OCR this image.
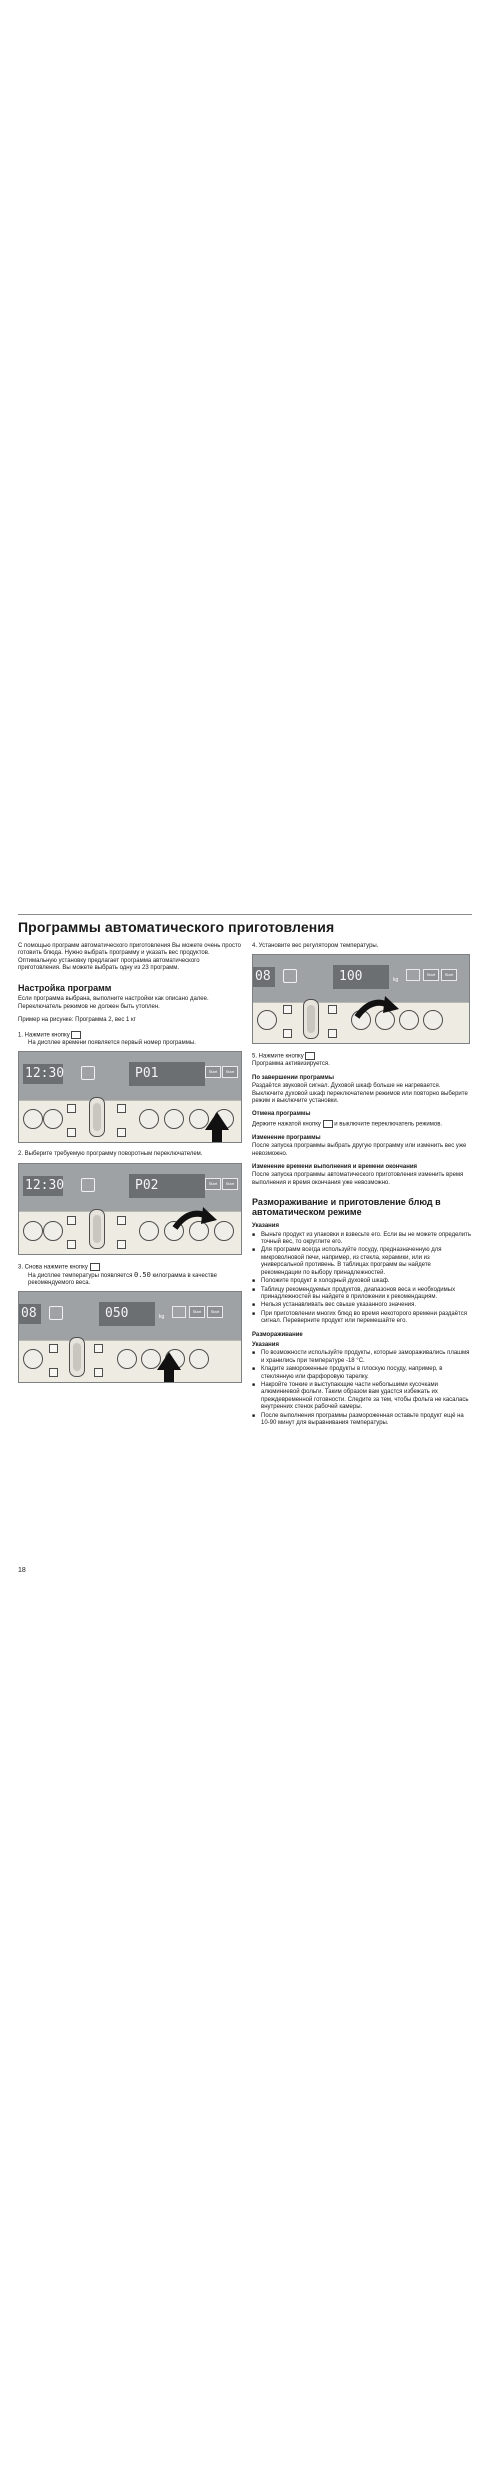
Программы автоматического приготовления

С помощью программ автоматического приготовления Вы можете очень просто готовить блюда. Нужно выбрать программу и указать вес продуктов. Оптимальную установку предлагает программа автоматического приготовления. Вы можете выбрать одну из 23 программ.

Настройка программ

Если программа выбрана, выполните настройки как описано далее.

Переключатель режимов не должен быть утоплен.

Пример на рисунке: Программа 2, вес 1 кг

1. Нажмите кнопку
На дисплее времени появляется первый номер программы.
12:30	P01	Start	Start
2. Выберите требуемую программу поворотным переключателем.
12:30	P02	Start	Start
3. Снова нажмите кнопку
На дисплее температуры появляется 0.50 килограмма в качестве рекомендуемого веса.
08	050	kg
Start	Start
4. Установите вес регулятором температуры.
08	100	kg
Start	Start
5. Нажмите кнопку
Программа активизируется.
По завершении программы

Раздаётся звуковой сигнал. Духовой шкаф больше не нагревается. Выключите духовой шкаф переключателем режимов или повторно выберите режим и выключите установки.

Отмена программы

Держите нажатой кнопку и выключите переключатель режимов.

Изменение программы

После запуска программы выбрать другую программу или изменить вес уже невозможно.

Изменение времени выполнения и времени окончания

После запуска программы автоматического приготовления изменить время выполнения и время окончания уже невозможно.

Размораживание и приготовление блюд в автоматическом режиме
Указания
■ Выньте продукт из упаковки и взвесьте его. Если вы не можете определить точный вес, то округлите его.
■ Для программ всегда используйте посуду, предназначенную для микроволновой печи, например, из стекла, керамики, или из универсальной противень. В таблицах программ вы найдете рекомендации по выбору принадлежностей.
■ Положите продукт в холодный духовой шкаф.
■ Таблицу рекомендуемых продуктов, диапазонов веса и необходимых принадлежностей вы найдете в приложении к рекомендациям.
■ Нельзя устанавливать вес свыше указанного значения.
■ При приготовлении многих блюд во время некоторого времени раздаётся сигнал. Переверните продукт или перемешайте его.
Размораживание
Указания
■ По возможности используйте продукты, которые замораживались плашмя и хранились при температуре -18 °C.
■ Кладите замороженные продукты в плоскую посуду, например, в стеклянную или фарфоровую тарелку.
■ Накройте тонкие и выступающие части небольшими кусочками алюминиевой фольги. Таким образом вам удастся избежать их преждевременной готовности. Следите за тем, чтобы фольга не касалась внутренних стенок рабочей камеры.
■ После выполнения программы размороженная оставьте продукт ещё на 10-90 минут для выравнивания температуры.
18
